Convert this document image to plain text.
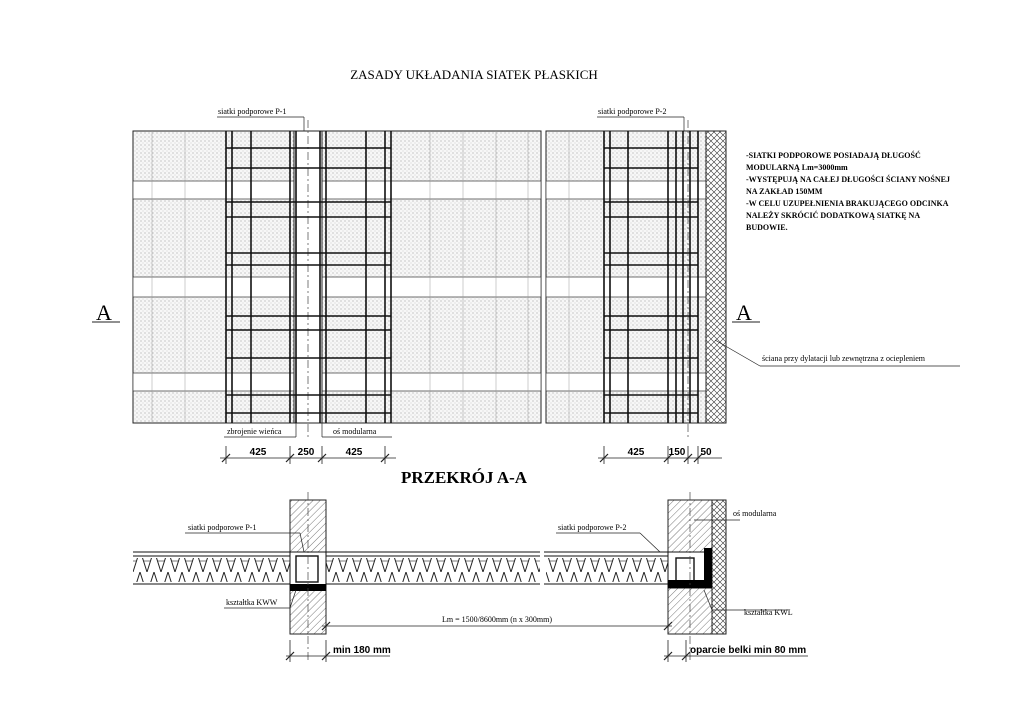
ZASADY UKŁADANIA SIATEK PŁASKICH
siatki podporowe P-1	siatki podporowe P-2
A	A
ściana przy dylatacji lub zewnętrzna z ociepleniem
zbrojenie wieńca	oś modularna
425	250	425	425 150 50
-SIATKI PODPOROWE POSIADAJĄ DŁUGOŚĆ
MODULARNĄ Lm=3000mm
-WYSTĘPUJĄ NA CAŁEJ DŁUGOŚCI ŚCIANY NOŚNEJ
NA ZAKŁAD 150MM
-W CELU UZUPEŁNIENIA BRAKUJĄCEGO ODCINKA
NALEŻY SKRÓCIĆ DODATKOWĄ SIATKĘ NA
BUDOWIE.
PRZEKRÓJ A-A
siatki podporowe P-1	siatki podporowe P-2
oś modularna
kształtka KWW
kształtka KWL
Lm = 1500/8600mm (n x 300mm)
min 180 mm	oparcie belki min 80 mm
